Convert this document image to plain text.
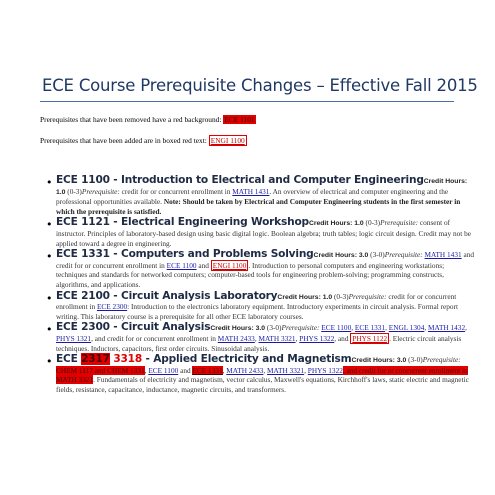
ECE Course Prerequisite Changes – Effective Fall 2015
Prerequisites that have been removed have a red background: ECE 1101
Prerequisites that have been added are in boxed red text: ENGI 1100
• ECE 1100 - Introduction to Electrical and Computer EngineeringCredit Hours: 1.0 (0-3)Prerequisite: credit for or concurrent enrollment in MATH 1431. An overview of electrical and computer engineering and the professional opportunities available. Note: Should be taken by Electrical and Computer Engineering students in the first semester in which the prerequisite is satisfied.
• ECE 1121 - Electrical Engineering WorkshopCredit Hours: 1.0 (0-3)Prerequisite: consent of instructor. Principles of laboratory-based design using basic digital logic. Boolean algebra; truth tables; logic circuit design. Credit may not be applied toward a degree in engineering.
• ECE 1331 - Computers and Problems SolvingCredit Hours: 3.0 (3-0)Prerequisite: MATH 1431 and credit for or concurrent enrollment in ECE 1100 and ENGI 1100 . Introduction to personal computers and engineering workstations; techniques and standards for networked computers; computer-based tools for engineering problem-solving; programming constructs, algorithms, and applications.
• ECE 2100 - Circuit Analysis LaboratoryCredit Hours: 1.0 (0-3)Prerequisite: credit for or concurrent enrollment in ECE 2300: Introduction to the electronics laboratory equipment. Introductory experiments in circuit analysis. Formal report writing. This laboratory course is a prerequisite for all other ECE laboratory courses.
• ECE 2300 - Circuit AnalysisCredit Hours: 3.0 (3-0)Prerequisite: ECE 1100, ECE 1331, ENGL 1304, MATH 1432, PHYS 1321, and credit for or concurrent enrollment in MATH 2433, MATH 3321, PHYS 1322, and PHYS 1122 . Electric circuit analysis techniques. Inductors, capacitors, first order circuits. Sinusoidal analysis.
• ECE 2317 3318 - Applied Electricity and MagnetismCredit Hours: 3.0 (3-0)Prerequisite: CHEM 1117 and CHEM 1331, ECE 1100 and ECE 1331, MATH 2433, MATH 3321, PHYS 1322, and credit for or concurrent enrollment in MATH 3321. Fundamentals of electricity and magnetism, vector calculus, Maxwell's equations, Kirchhoff's laws, static electric and magnetic fields, resistance, capacitance, inductance, magnetic circuits, and transformers.
